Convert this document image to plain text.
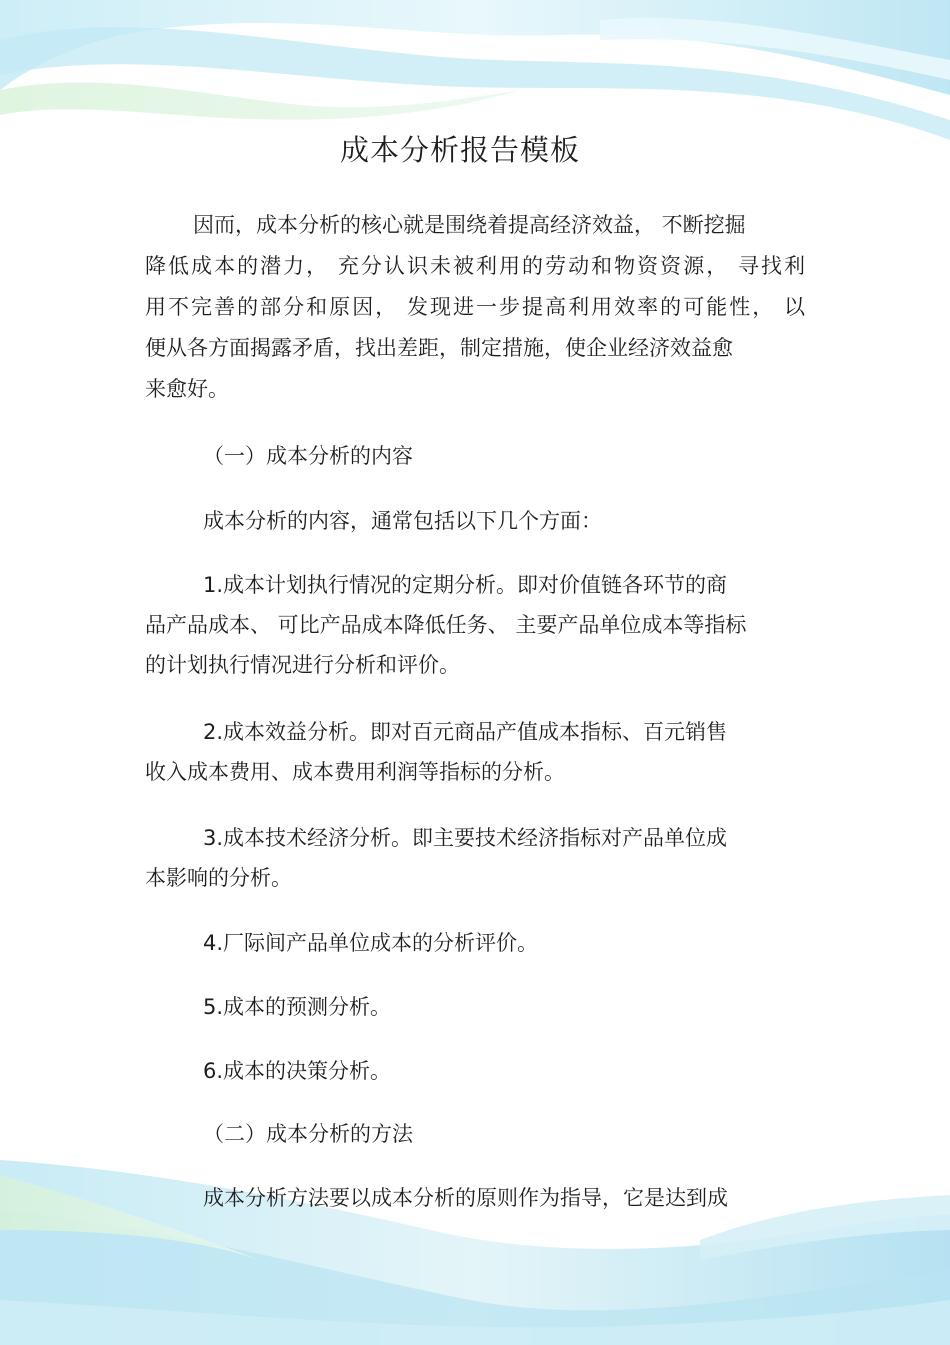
成本分析报告模板
因而，成本分析的核心就是围绕着提高经济效益， 不断挖掘
降低成本的潜力， 充分认识未被利用的劳动和物资资源， 寻找利
用不完善的部分和原因， 发现进一步提高利用效率的可能性， 以
便从各方面揭露矛盾，找出差距，制定措施，使企业经济效益愈
来愈好。
（一）成本分析的内容
成本分析的内容，通常包括以下几个方面：
1.成本计划执行情况的定期分析。即对价值链各环节的商
品产品成本、 可比产品成本降低任务、 主要产品单位成本等指标
的计划执行情况进行分析和评价。
2.成本效益分析。即对百元商品产值成本指标、百元销售
收入成本费用、成本费用利润等指标的分析。
3.成本技术经济分析。即主要技术经济指标对产品单位成
本影响的分析。
4.厂际间产品单位成本的分析评价。
5.成本的预测分析。
6.成本的决策分析。
（二）成本分析的方法
成本分析方法要以成本分析的原则作为指导，它是达到成
